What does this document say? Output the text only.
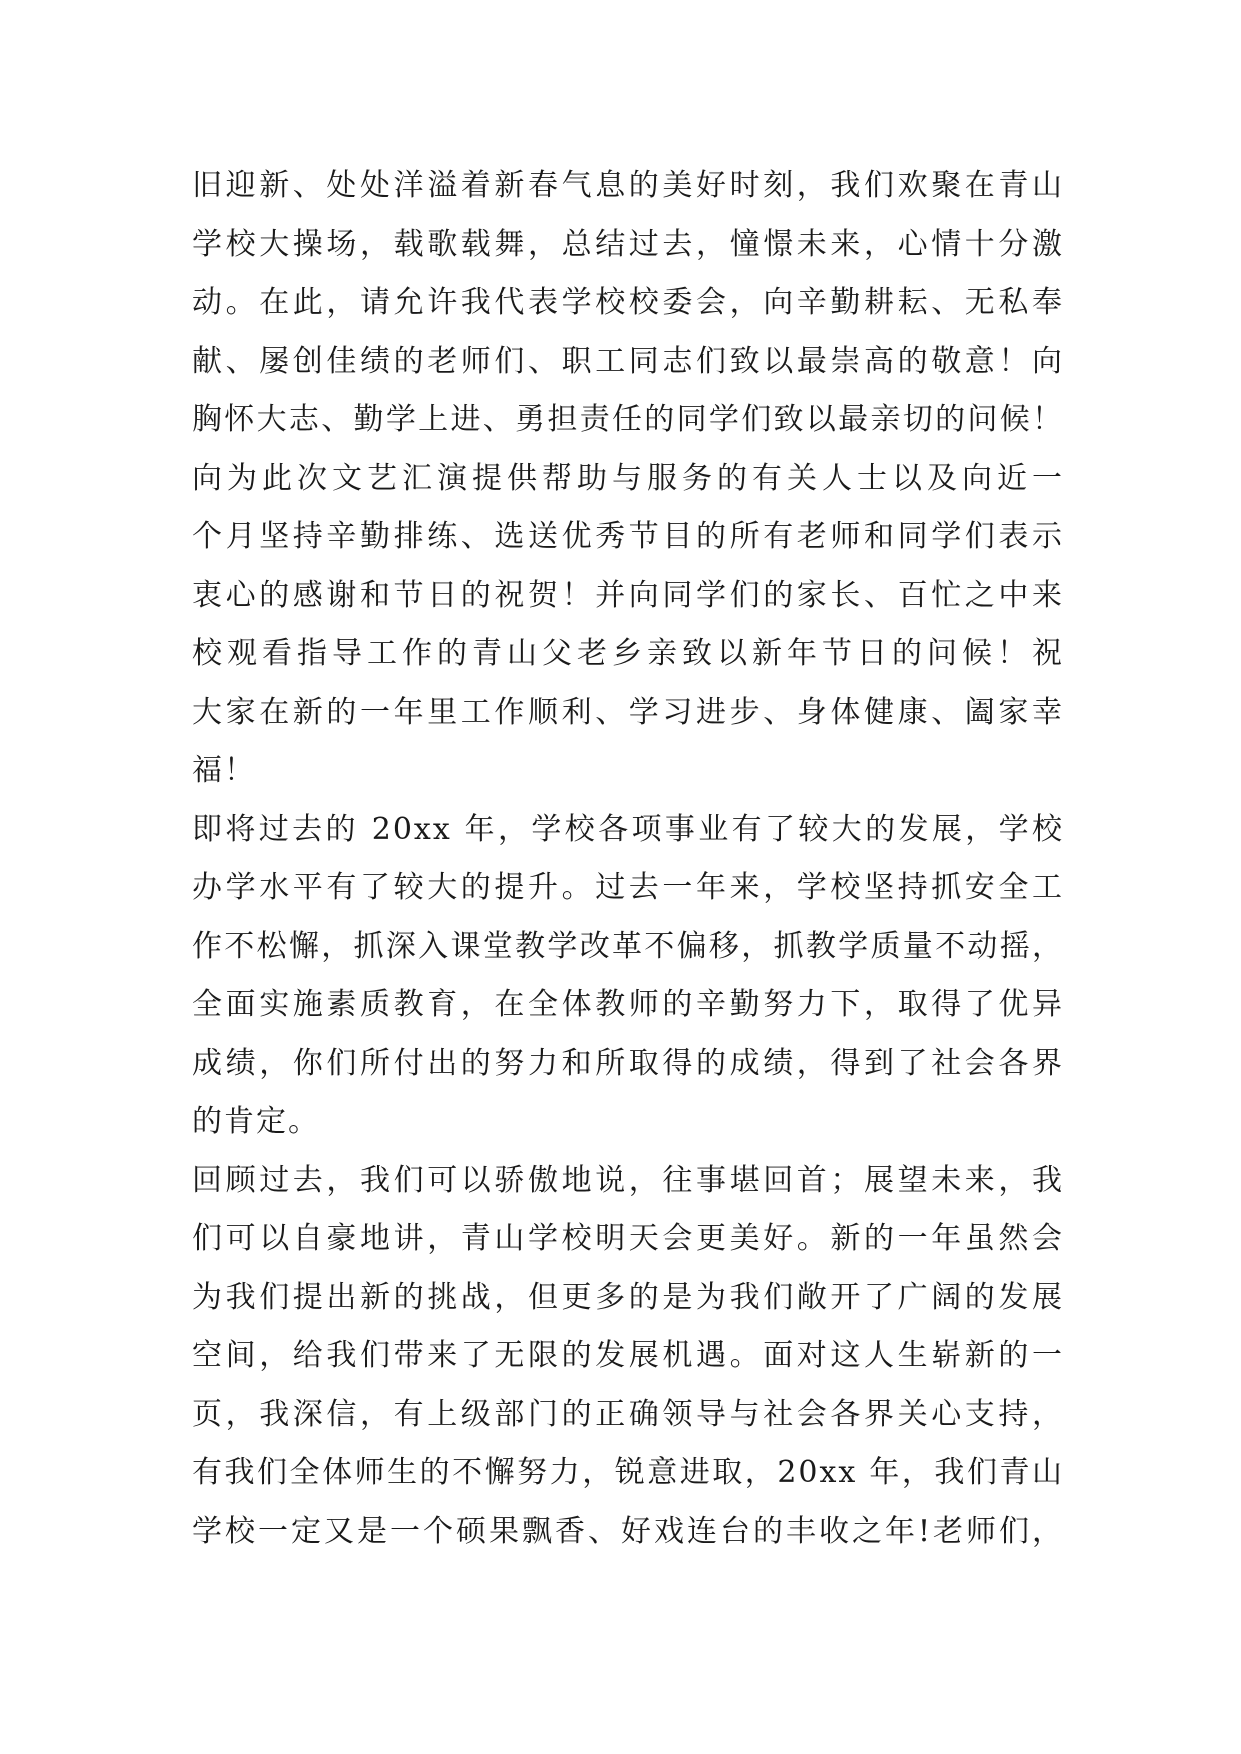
旧迎新、处处洋溢着新春气息的美好时刻，我们欢聚在青山
学校大操场，载歌载舞，总结过去，憧憬未来，心情十分激
动。在此，请允许我代表学校校委会，向辛勤耕耘、无私奉
献、屡创佳绩的老师们、职工同志们致以最崇高的敬意！向
胸怀大志、勤学上进、勇担责任的同学们致以最亲切的问候！
向为此次文艺汇演提供帮助与服务的有关人士以及向近一
个月坚持辛勤排练、选送优秀节目的所有老师和同学们表示
衷心的感谢和节日的祝贺！并向同学们的家长、百忙之中来
校观看指导工作的青山父老乡亲致以新年节日的问候！祝
大家在新的一年里工作顺利、学习进步、身体健康、阖家幸
福！
即将过去的 20xx 年，学校各项事业有了较大的发展，学校
办学水平有了较大的提升。过去一年来，学校坚持抓安全工
作不松懈，抓深入课堂教学改革不偏移，抓教学质量不动摇，
全面实施素质教育，在全体教师的辛勤努力下，取得了优异
成绩，你们所付出的努力和所取得的成绩，得到了社会各界
的肯定。
回顾过去，我们可以骄傲地说，往事堪回首；展望未来，我
们可以自豪地讲，青山学校明天会更美好。新的一年虽然会
为我们提出新的挑战，但更多的是为我们敞开了广阔的发展
空间，给我们带来了无限的发展机遇。面对这人生崭新的一
页，我深信，有上级部门的正确领导与社会各界关心支持，
有我们全体师生的不懈努力，锐意进取，20xx 年，我们青山
学校一定又是一个硕果飘香、好戏连台的丰收之年!老师们，
